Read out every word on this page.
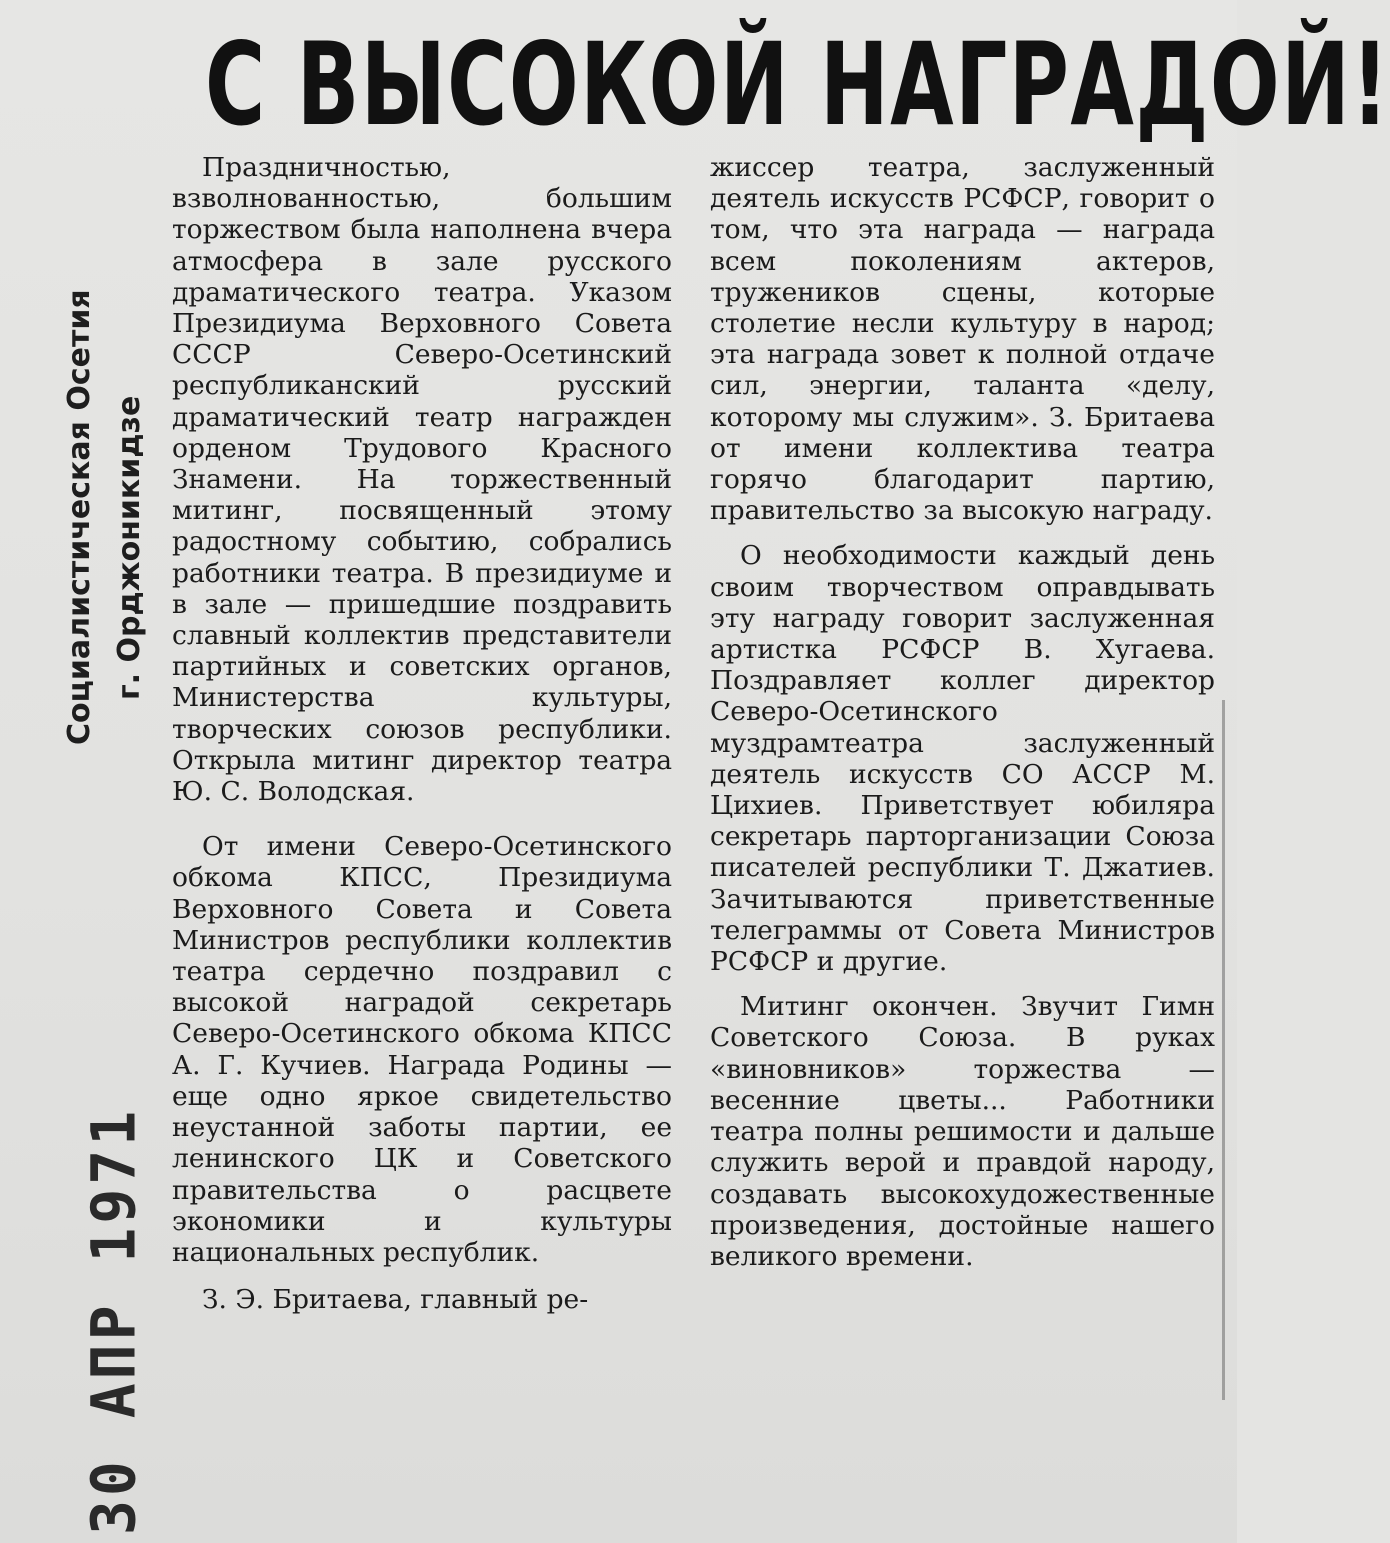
Социалистическая Осетия г. Орджоникидзе
30 АПР 1971
С ВЫСОКОЙ НАГРАДОЙ!

Праздничностью, взволнованностью, большим торжеством была наполнена вчера атмосфера в зале русского драматического театра. Указом Президиума Верховного Совета СССР Северо-Осетинский республиканский русский драматический театр награжден орденом Трудового Красного Знамени. На торжественный митинг, посвященный этому радостному событию, собрались работники театра. В президиуме и в зале — пришедшие поздравить славный коллектив представители партийных и советских органов, Министерства культуры, творческих союзов республики. Открыла митинг директор театра Ю. С. Володская.

От имени Северо-Осетинского обкома КПСС, Президиума Верховного Совета и Совета Министров республики коллектив театра сердечно поздравил с высокой наградой секретарь Северо-Осетинского обкома КПСС А. Г. Кучиев. Награда Родины — еще одно яркое свидетельство неустанной заботы партии, ее ленинского ЦК и Советского правительства о расцвете экономики и культуры национальных республик.

З. Э. Бритаева, главный ре-

жиссер театра, заслуженный деятель искусств РСФСР, говорит о том, что эта награда — награда всем поколениям актеров, тружеников сцены, которые столетие несли культуру в народ; эта награда зовет к полной отдаче сил, энергии, таланта «делу, которому мы служим». З. Бритаева от имени коллектива театра горячо благодарит партию, правительство за высокую награду.

О необходимости каждый день своим творчеством оправдывать эту награду говорит заслуженная артистка РСФСР В. Хугаева. Поздравляет коллег директор Северо-Осетинского муздрамтеатра заслуженный деятель искусств СО АССР М. Цихиев. Приветствует юбиляра секретарь парторганизации Союза писателей республики Т. Джатиев. Зачитываются приветственные телеграммы от Совета Министров РСФСР и другие.

Митинг окончен. Звучит Гимн Советского Союза. В руках «виновников» торжества — весенние цветы... Работники театра полны решимости и дальше служить верой и правдой народу, создавать высокохудожественные произведения, достойные нашего великого времени.
